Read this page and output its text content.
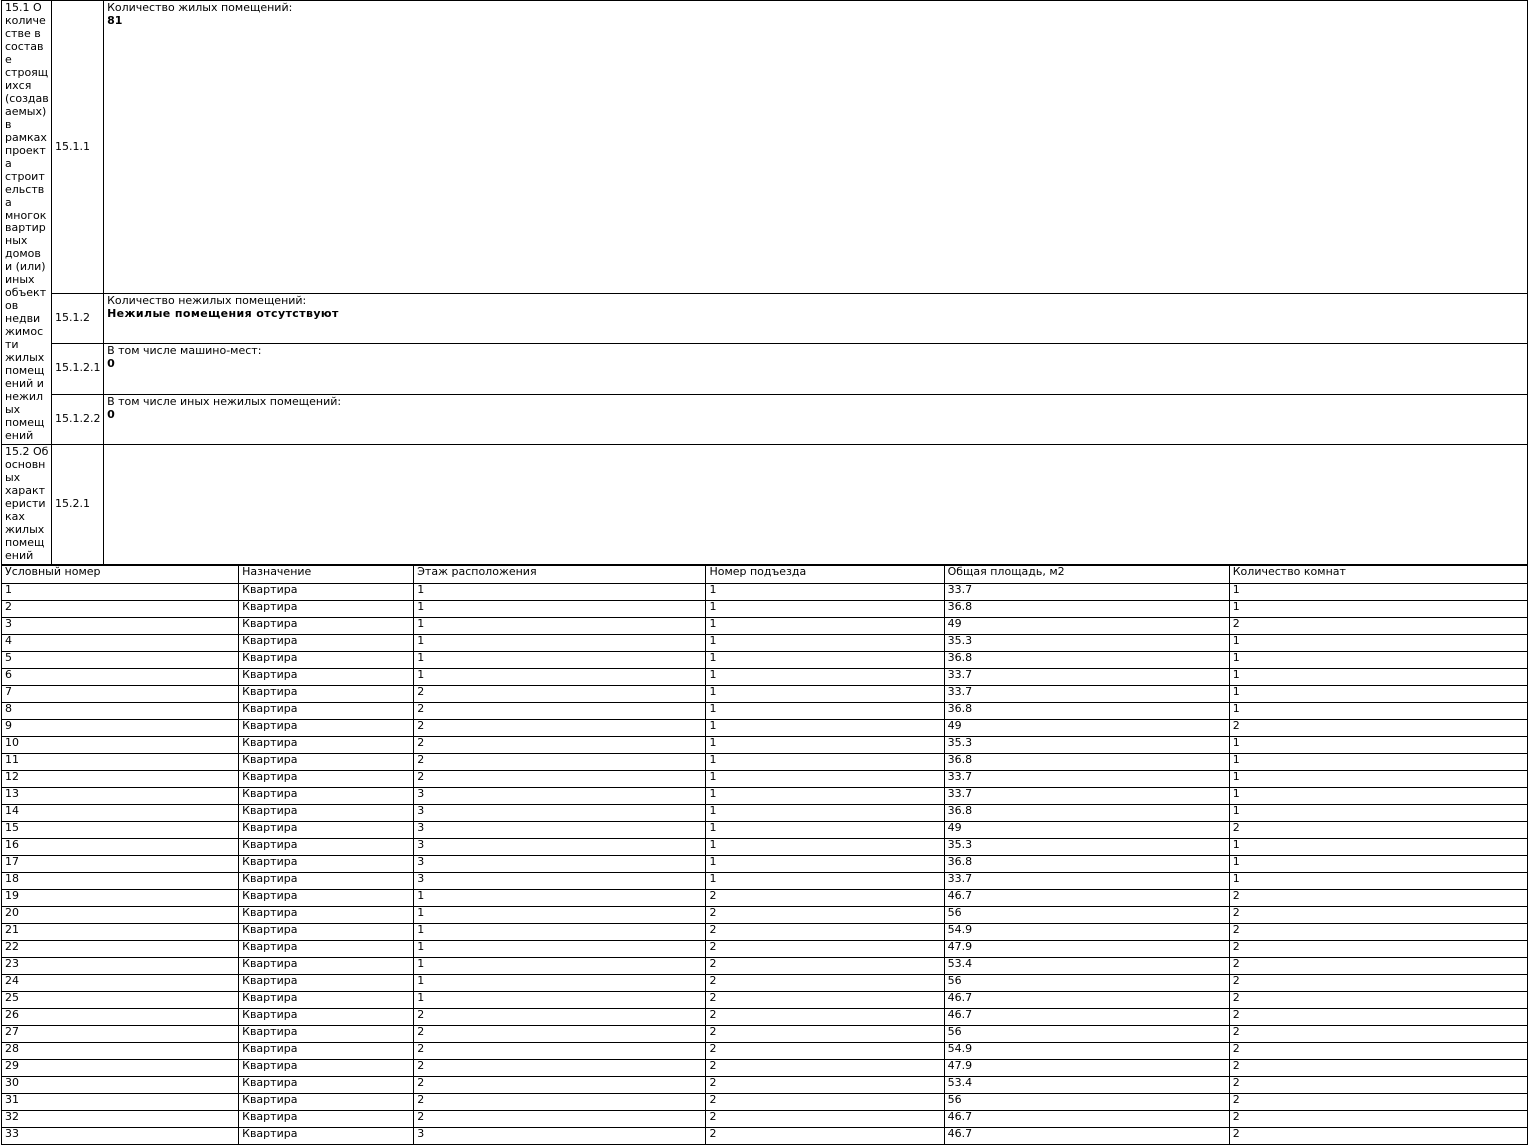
15.1 О количестве в составе строящихся (создаваемых) в рамках проекта строительства многоквартирных домов и (или) иных объектов недвижимости жилых помещений и нежилых помещений	15.1.1	Количество жилых помещений:
81

	15.1.2	Количество нежилых помещений:
Нежилые помещения отсутствуют

	15.1.2.1	В том числе машино-мест:
0

	15.1.2.2	В том числе иных нежилых помещений:
0

15.2 Об основных характеристиках жилых помещений	15.2.1	
Условный номер	Назначение	Этаж расположения	Номер подъезда	Общая площадь, м2	Количество комнат
1	Квартира	1	1	33.7	1
2	Квартира	1	1	36.8	1
3	Квартира	1	1	49	2
4	Квартира	1	1	35.3	1
5	Квартира	1	1	36.8	1
6	Квартира	1	1	33.7	1
7	Квартира	2	1	33.7	1
8	Квартира	2	1	36.8	1
9	Квартира	2	1	49	2
10	Квартира	2	1	35.3	1
11	Квартира	2	1	36.8	1
12	Квартира	2	1	33.7	1
13	Квартира	3	1	33.7	1
14	Квартира	3	1	36.8	1
15	Квартира	3	1	49	2
16	Квартира	3	1	35.3	1
17	Квартира	3	1	36.8	1
18	Квартира	3	1	33.7	1
19	Квартира	1	2	46.7	2
20	Квартира	1	2	56	2
21	Квартира	1	2	54.9	2
22	Квартира	1	2	47.9	2
23	Квартира	1	2	53.4	2
24	Квартира	1	2	56	2
25	Квартира	1	2	46.7	2
26	Квартира	2	2	46.7	2
27	Квартира	2	2	56	2
28	Квартира	2	2	54.9	2
29	Квартира	2	2	47.9	2
30	Квартира	2	2	53.4	2
31	Квартира	2	2	56	2
32	Квартира	2	2	46.7	2
33	Квартира	3	2	46.7	2
